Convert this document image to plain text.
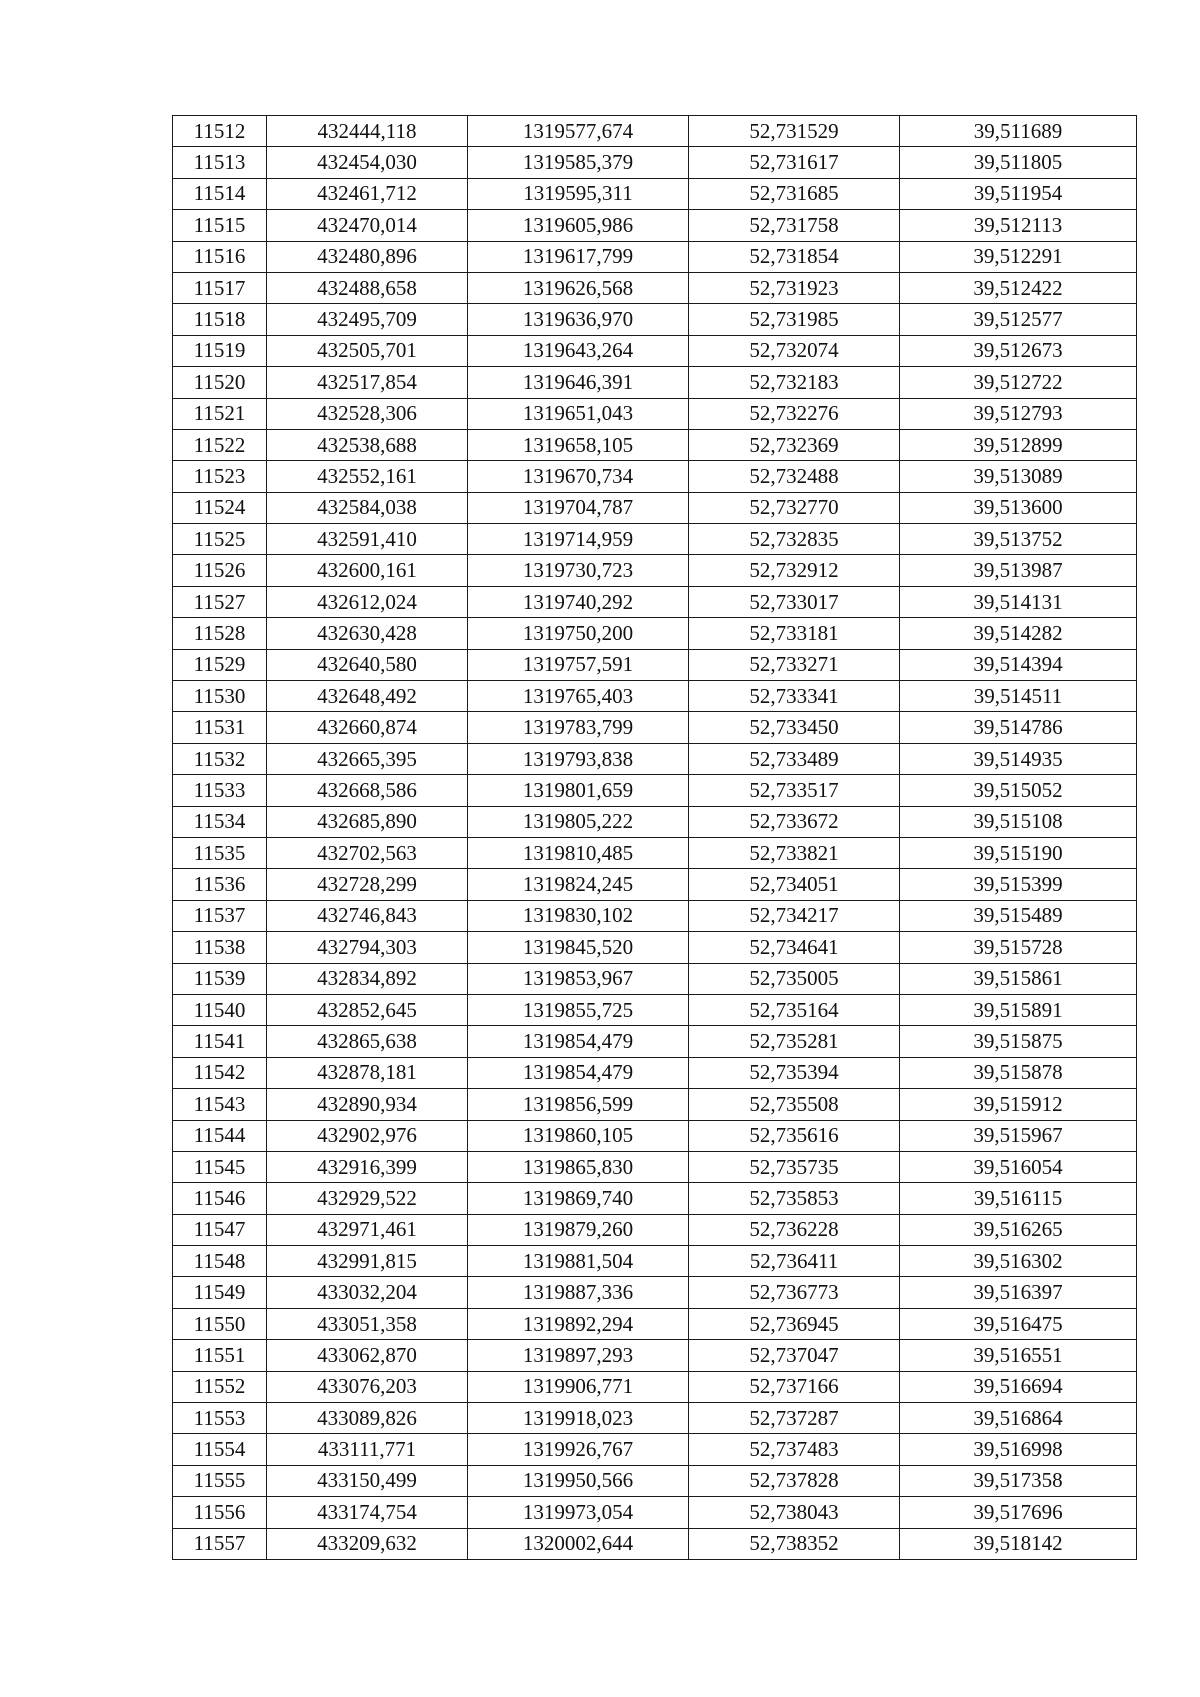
11512	432444,118	1319577,674	52,731529	39,511689
11513	432454,030	1319585,379	52,731617	39,511805
11514	432461,712	1319595,311	52,731685	39,511954
11515	432470,014	1319605,986	52,731758	39,512113
11516	432480,896	1319617,799	52,731854	39,512291
11517	432488,658	1319626,568	52,731923	39,512422
11518	432495,709	1319636,970	52,731985	39,512577
11519	432505,701	1319643,264	52,732074	39,512673
11520	432517,854	1319646,391	52,732183	39,512722
11521	432528,306	1319651,043	52,732276	39,512793
11522	432538,688	1319658,105	52,732369	39,512899
11523	432552,161	1319670,734	52,732488	39,513089
11524	432584,038	1319704,787	52,732770	39,513600
11525	432591,410	1319714,959	52,732835	39,513752
11526	432600,161	1319730,723	52,732912	39,513987
11527	432612,024	1319740,292	52,733017	39,514131
11528	432630,428	1319750,200	52,733181	39,514282
11529	432640,580	1319757,591	52,733271	39,514394
11530	432648,492	1319765,403	52,733341	39,514511
11531	432660,874	1319783,799	52,733450	39,514786
11532	432665,395	1319793,838	52,733489	39,514935
11533	432668,586	1319801,659	52,733517	39,515052
11534	432685,890	1319805,222	52,733672	39,515108
11535	432702,563	1319810,485	52,733821	39,515190
11536	432728,299	1319824,245	52,734051	39,515399
11537	432746,843	1319830,102	52,734217	39,515489
11538	432794,303	1319845,520	52,734641	39,515728
11539	432834,892	1319853,967	52,735005	39,515861
11540	432852,645	1319855,725	52,735164	39,515891
11541	432865,638	1319854,479	52,735281	39,515875
11542	432878,181	1319854,479	52,735394	39,515878
11543	432890,934	1319856,599	52,735508	39,515912
11544	432902,976	1319860,105	52,735616	39,515967
11545	432916,399	1319865,830	52,735735	39,516054
11546	432929,522	1319869,740	52,735853	39,516115
11547	432971,461	1319879,260	52,736228	39,516265
11548	432991,815	1319881,504	52,736411	39,516302
11549	433032,204	1319887,336	52,736773	39,516397
11550	433051,358	1319892,294	52,736945	39,516475
11551	433062,870	1319897,293	52,737047	39,516551
11552	433076,203	1319906,771	52,737166	39,516694
11553	433089,826	1319918,023	52,737287	39,516864
11554	433111,771	1319926,767	52,737483	39,516998
11555	433150,499	1319950,566	52,737828	39,517358
11556	433174,754	1319973,054	52,738043	39,517696
11557	433209,632	1320002,644	52,738352	39,518142
